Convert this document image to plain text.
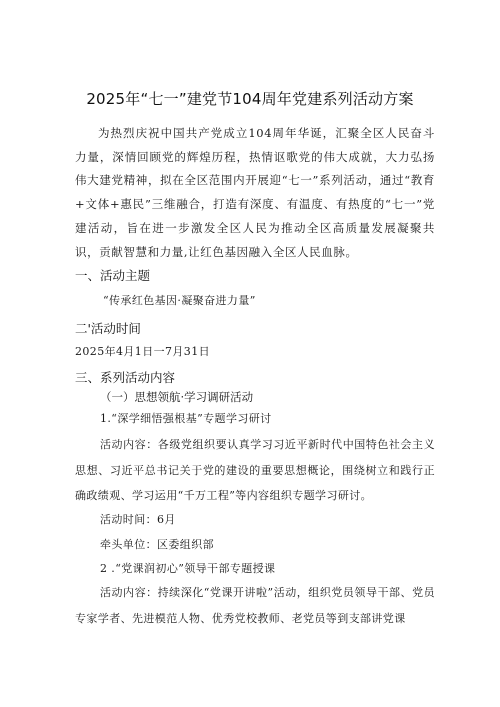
2025年“七一”建党节104周年党建系列活动方案

为热烈庆祝中国共产党成立104周年华诞，汇聚全区人民奋斗力量，深情回顾党的辉煌历程，热情讴歌党的伟大成就，大力弘扬伟大建党精神，拟在全区范围内开展迎“七一”系列活动，通过“教育+文体+惠民”三维融合，打造有深度、有温度、有热度的“七一”党建活动，旨在进一步激发全区人民为推动全区高质量发展凝聚共识，贡献智慧和力量,让红色基因融入全区人民血脉。

一、活动主题
“传承红色基因·凝聚奋进力量”
二'活动时间
2025年4月1日一7月31日
三、系列活动内容
（一）思想领航·学习调研活动
1.“深学细悟强根基”专题学习研讨

活动内容：各级党组织要认真学习习近平新时代中国特色社会主义思想、习近平总书记关于党的建设的重要思想概论，围绕树立和践行正确政绩观、学习运用“千万工程”等内容组织专题学习研讨。

活动时间：6月
牵头单位：区委组织部
2 .“党课润初心”领导干部专题授课

活动内容：持续深化“党课开讲啦”活动，组织党员领导干部、党员专家学者、先进模范人物、优秀党校教师、老党员等到支部讲党课
